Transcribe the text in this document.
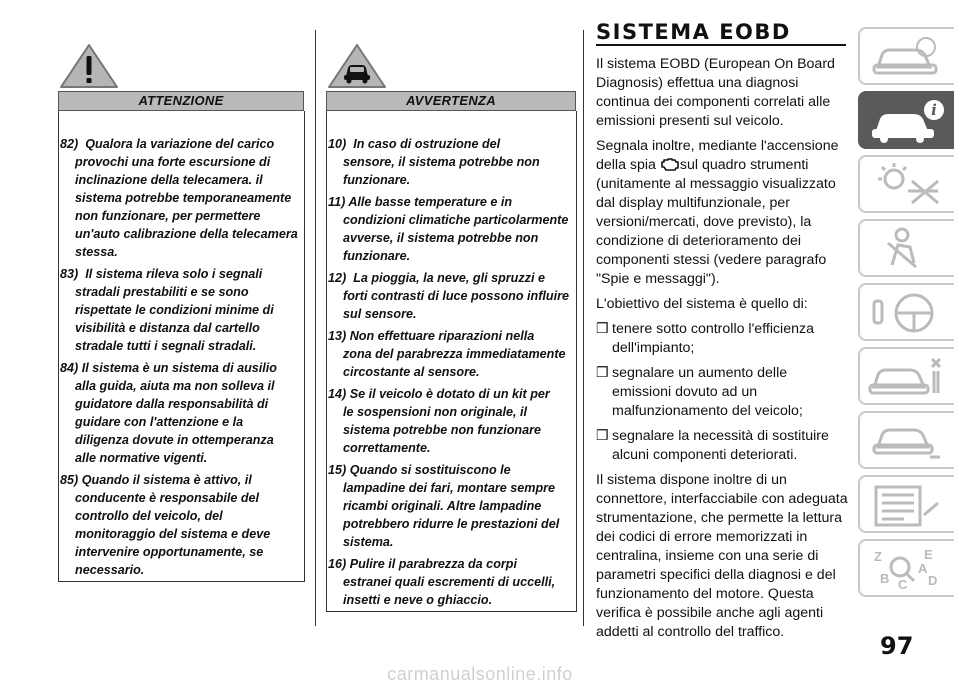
ATTENZIONE
82)  Qualora la variazione del carico
provochi una forte escursione di inclinazione della telecamera. il sistema potrebbe temporaneamente non funzionare, per permettere un'auto calibrazione della telecamera stessa.
83)  Il sistema rileva solo i segnali
stradali prestabiliti e se sono rispettate le condizioni minime di visibilità e distanza dal cartello stradale tutti i segnali stradali.
84) Il sistema è un sistema di ausilio
alla guida, aiuta ma non solleva il guidatore dalla responsabilità di guidare con l'attenzione e la diligenza dovute in ottemperanza alle normative vigenti.
85) Quando il sistema è attivo, il
conducente è responsabile del controllo del veicolo, del monitoraggio del sistema e deve intervenire opportunamente, se necessario.
AVVERTENZA
10)  In caso di ostruzione del
sensore, il sistema potrebbe non funzionare.
11) Alle basse temperature e in
condizioni climatiche particolarmente avverse, il sistema potrebbe non funzionare.
12)  La pioggia, la neve, gli spruzzi e
forti contrasti di luce possono influire sul sensore.
13) Non effettuare riparazioni nella
zona del parabrezza immediatamente circostante al sensore.
14) Se il veicolo è dotato di un kit per
le sospensioni non originale, il sistema potrebbe non funzionare correttamente.
15) Quando si sostituiscono le
lampadine dei fari, montare sempre ricambi originali. Altre lampadine potrebbero ridurre le prestazioni del sistema.
16) Pulire il parabrezza da corpi
estranei quali escrementi di uccelli, insetti e neve o ghiaccio.
SISTEMA EOBD

Il sistema EOBD (European On Board Diagnosis) effettua una diagnosi continua dei componenti correlati alle emissioni presenti sul veicolo.

Segnala inoltre, mediante l'accensione della spia sul quadro strumenti (unitamente al messaggio visualizzato dal display multifunzionale, per versioni/mercati, dove previsto), la condizione di deterioramento dei componenti stessi (vedere paragrafo "Spie e messaggi").

L'obiettivo del sistema è quello di:

❒ tenere sotto controllo l'efficienza dell'impianto;
❒ segnalare un aumento delle emissioni dovuto ad un malfunzionamento del veicolo;
❒ segnalare la necessità di sostituire alcuni componenti deteriorati.

Il sistema dispone inoltre di un connettore, interfacciabile con adeguata strumentazione, che permette la lettura dei codici di errore memorizzati in centralina, insieme con una serie di parametri specifici della diagnosi e del funzionamento del motore. Questa verifica è possibile anche agli agenti addetti al controllo del traffico.

i
Z	E
B C D
A
97
carmanualsonline.info
